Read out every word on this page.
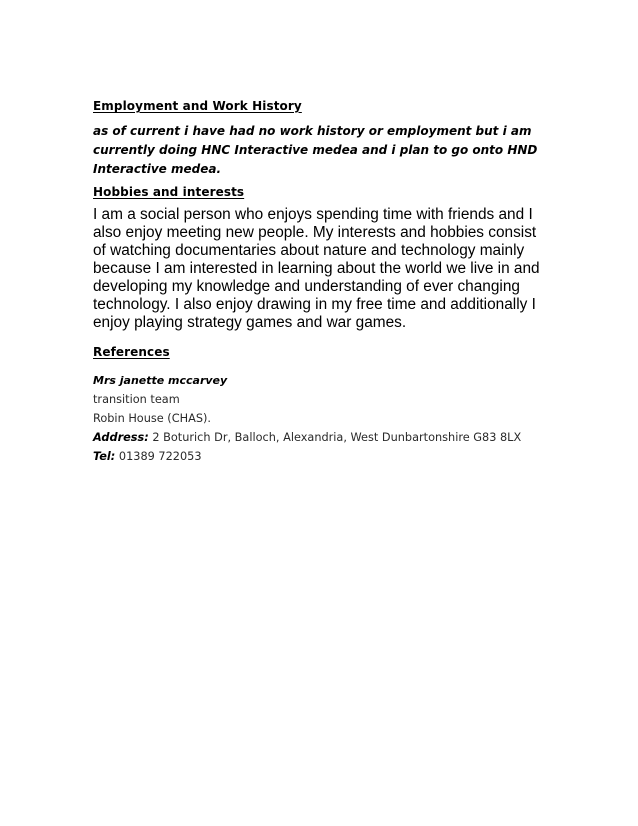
Employment and Work History

as of current i have had no work history or employment but i am currently doing HNC Interactive medea and i plan to go onto HND Interactive medea.

Hobbies and interests

I am a social person who enjoys spending time with friends and I also enjoy meeting new people. My interests and hobbies consist of watching documentaries about nature and technology mainly because I am interested in learning about the world we live in and developing my knowledge and understanding of ever changing technology. I also enjoy drawing in my free time and additionally I enjoy playing strategy games and war games.

References

Mrs janette mccarvey

transition team

Robin House (CHAS).

Address: 2 Boturich Dr, Balloch, Alexandria, West Dunbartonshire G83 8LX

Tel: 01389 722053
